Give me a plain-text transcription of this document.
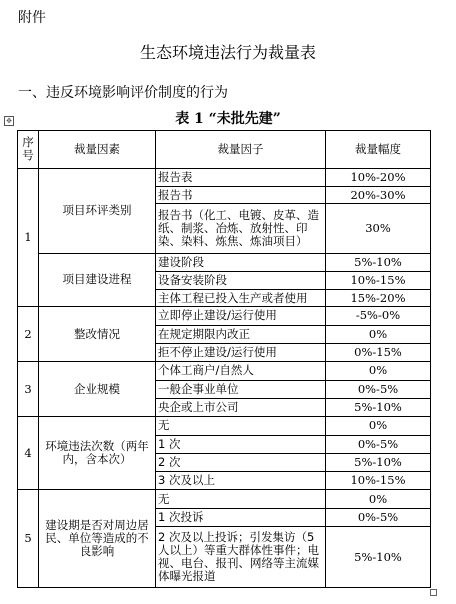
附件
生态环境违法行为裁量表
一、违反环境影响评价制度的行为
✥	表 1 “未批先建”
序号	裁量因素	裁量因子	裁量幅度
1	项目环评类别	报告表	10%-20%
		报告书	20%-30%
		报告书（化工、电镀、皮革、造纸、制浆、冶炼、放射性、印染、染料、炼焦、炼油项目）	30%
	项目建设进程	建设阶段	5%-10%
		设备安装阶段	10%-15%
		主体工程已投入生产或者使用	15%-20%
2	整改情况	立即停止建设/运行使用	-5%-0%
		在规定期限内改正	0%
		拒不停止建设/运行使用	0%-15%
3	企业规模	个体工商户/自然人	0%
		一般企事业单位	0%-5%
		央企或上市公司	5%-10%
4	环境违法次数（两年内，含本次）	无	0%
		1 次	0%-5%
		2 次	5%-10%
		3 次及以上	10%-15%
5	建设期是否对周边居民、单位等造成的不良影响	无	0%
		1 次投诉	0%-5%
		2 次及以上投诉；引发集访（5 人以上）等重大群体性事件；电视、电台、报刊、网络等主流媒体曝光报道	5%-10%
